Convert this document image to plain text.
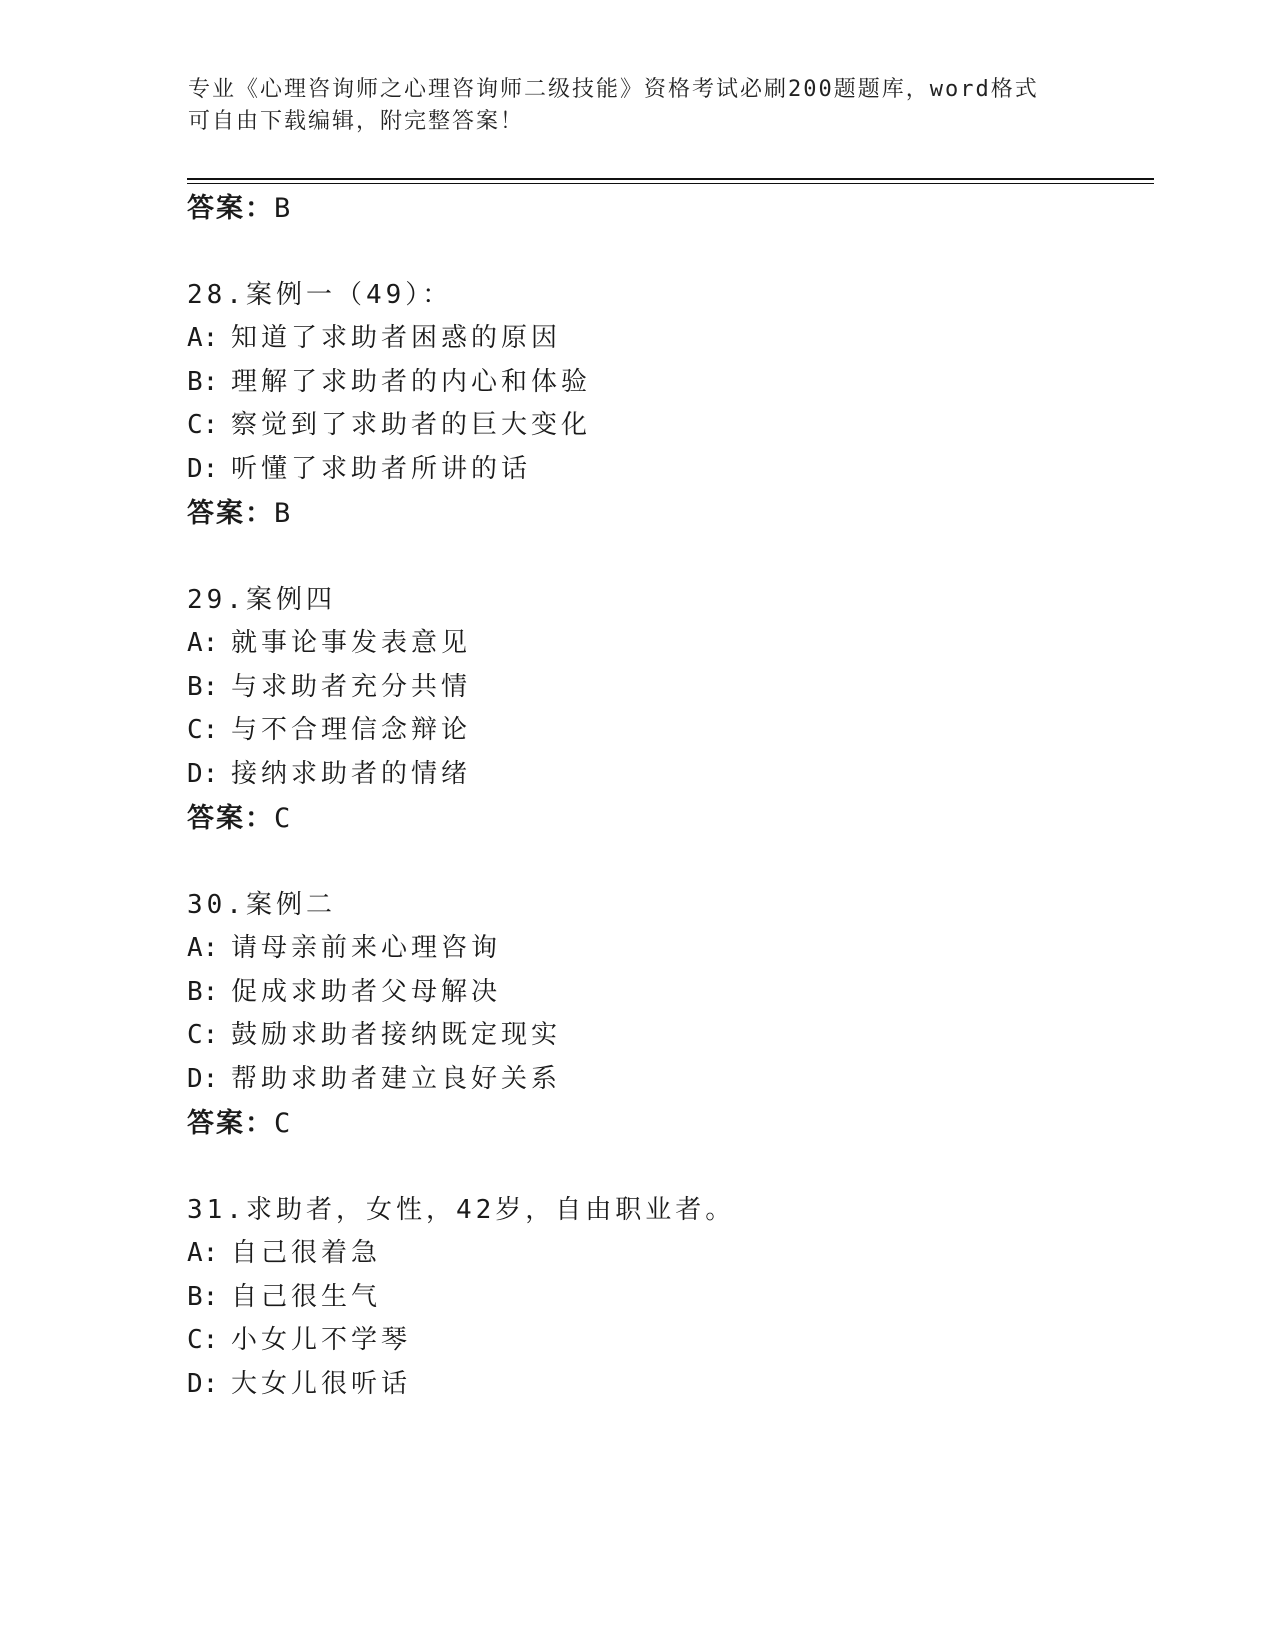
专业《心理咨询师之心理咨询师二级技能》资格考试必刷200题题库，word格式
可自由下载编辑，附完整答案！
答案：B
28.案例一（49）：
A: 知道了求助者困惑的原因
B: 理解了求助者的内心和体验
C: 察觉到了求助者的巨大变化
D: 听懂了求助者所讲的话
答案：B
29.案例四
A: 就事论事发表意见
B: 与求助者充分共情
C: 与不合理信念辩论
D: 接纳求助者的情绪
答案：C
30.案例二
A: 请母亲前来心理咨询
B: 促成求助者父母解决
C: 鼓励求助者接纳既定现实
D: 帮助求助者建立良好关系
答案：C
31.求助者，女性，42岁，自由职业者。
A: 自己很着急
B: 自己很生气
C: 小女儿不学琴
D: 大女儿很听话
